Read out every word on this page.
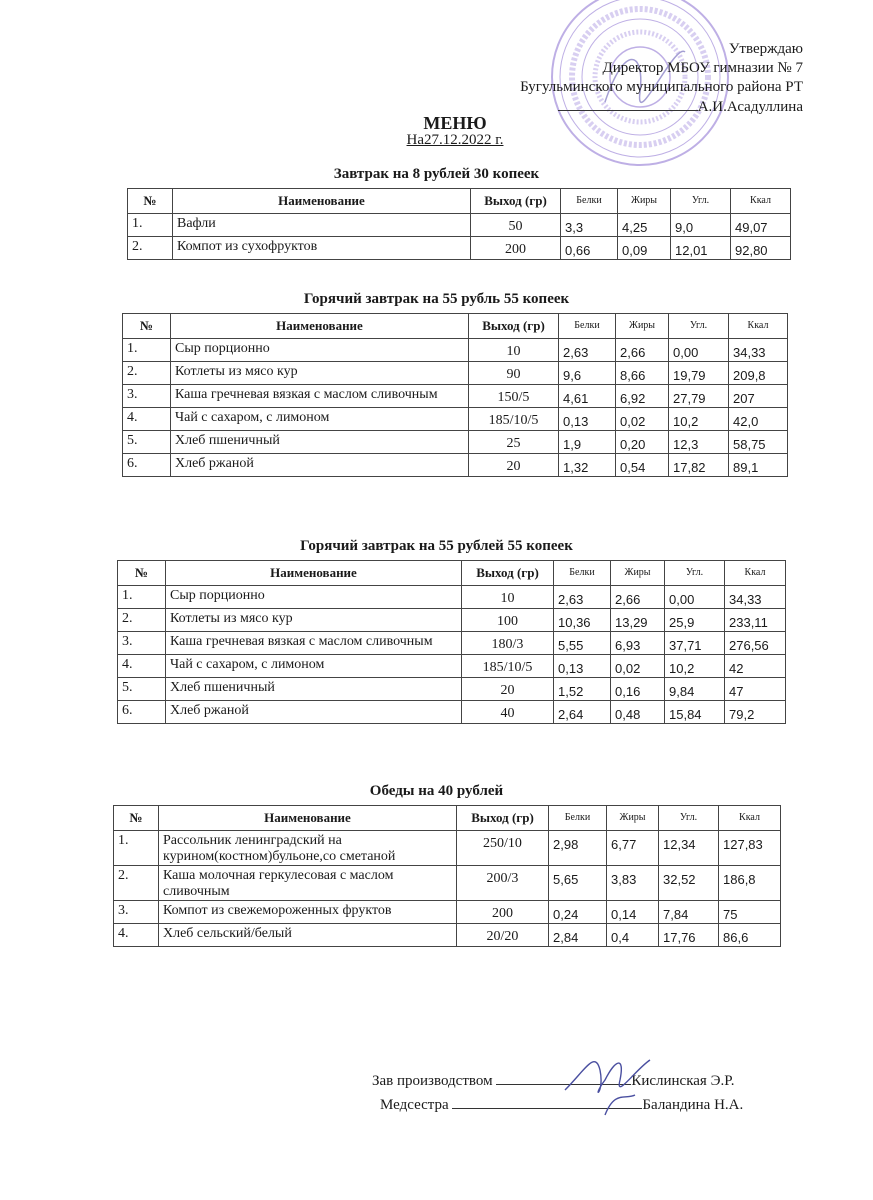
Утверждаю
Директор МБОУ гимназии № 7
Бугульминского муниципального района РТ
А.И.Асадуллина
МЕНЮ
На27.12.2022 г.
Завтрак на 8 рублей 30 копеек
№	Наименование	Выход (гр)	Белки	Жиры	Угл.	Ккал
1.	Вафли	50	3,3	4,25	9,0	49,07
2.	Компот из сухофруктов	200	0,66	0,09	12,01	92,80
Горячий завтрак на 55 рубль 55 копеек
№	Наименование	Выход (гр)	Белки	Жиры	Угл.	Ккал
1.	Сыр порционно	10	2,63	2,66	0,00	34,33
2.	Котлеты из мясо кур	90	9,6	8,66	19,79	209,8
3.	Каша гречневая вязкая с маслом сливочным	150/5	4,61	6,92	27,79	207
4.	Чай с сахаром, с лимоном	185/10/5	0,13	0,02	10,2	42,0
5.	Хлеб пшеничный	25	1,9	0,20	12,3	58,75
6.	Хлеб ржаной	20	1,32	0,54	17,82	89,1
Горячий завтрак на 55 рублей 55 копеек
№	Наименование	Выход (гр)	Белки	Жиры	Угл.	Ккал
1.	Сыр порционно	10	2,63	2,66	0,00	34,33
2.	Котлеты из мясо кур	100	10,36	13,29	25,9	233,11
3.	Каша гречневая вязкая с маслом сливочным	180/3	5,55	6,93	37,71	276,56
4.	Чай с сахаром, с лимоном	185/10/5	0,13	0,02	10,2	42
5.	Хлеб пшеничный	20	1,52	0,16	9,84	47
6.	Хлеб ржаной	40	2,64	0,48	15,84	79,2
Обеды на 40 рублей
№	Наименование	Выход (гр)	Белки	Жиры	Угл.	Ккал
1.	Рассольник ленинградский на курином(костном)бульоне,со сметаной	250/10	2,98	6,77	12,34	127,83
2.	Каша молочная геркулесовая с маслом сливочным	200/3	5,65	3,83	32,52	186,8
3.	Компот из свежемороженных фруктов	200	0,24	0,14	7,84	75
4.	Хлеб сельский/белый	20/20	2,84	0,4	17,76	86,6
Зав производством	Кислинская Э.Р.
Медсестра	Баландина Н.А.
